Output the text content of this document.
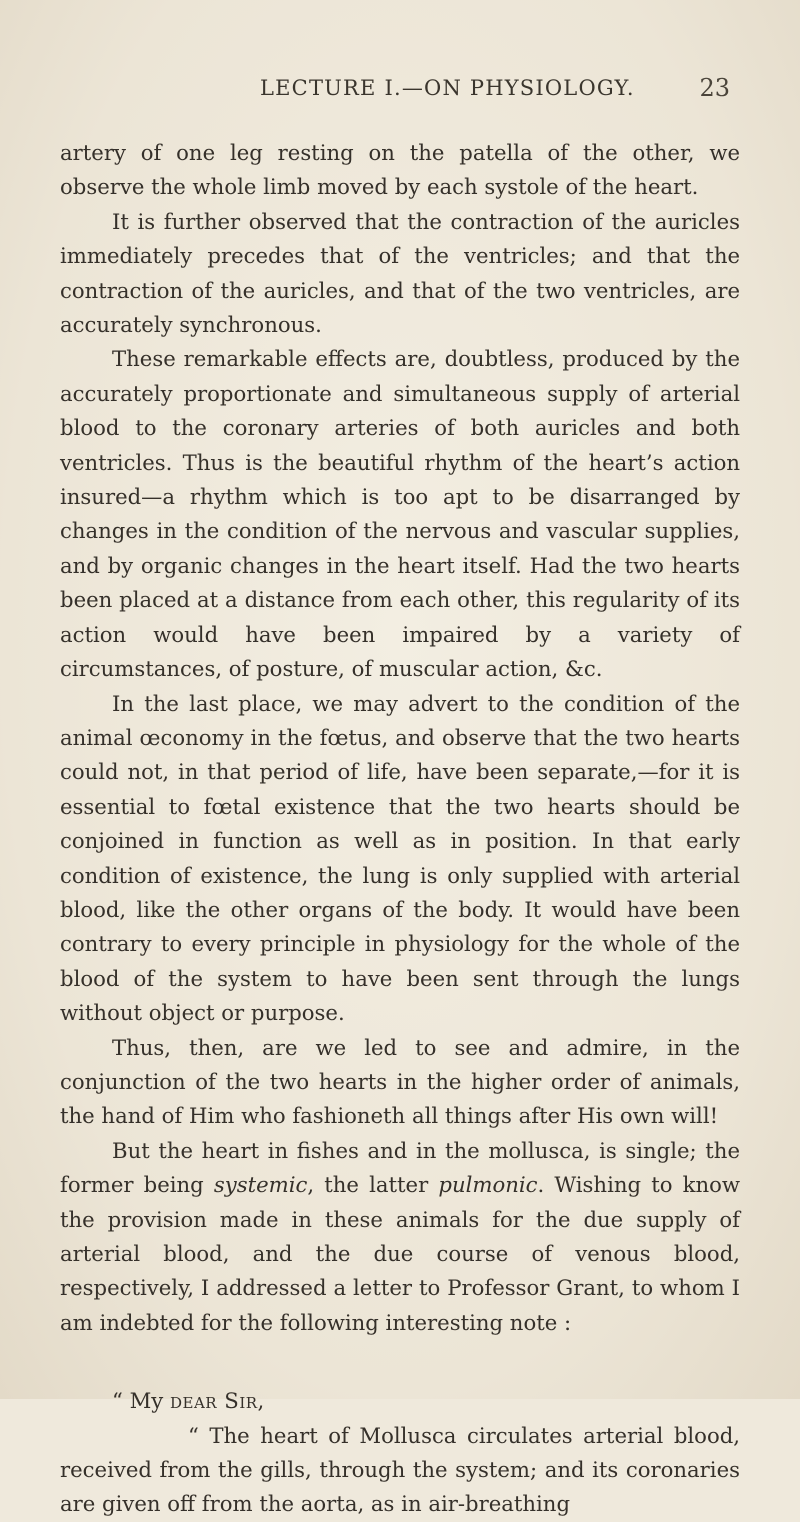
LECTURE I.—ON PHYSIOLOGY.	23

artery of one leg resting on the patella of the other, we observe the whole limb moved by each systole of the heart.

It is further observed that the contraction of the auricles immediately precedes that of the ventricles; and that the contraction of the auricles, and that of the two ventricles, are accurately synchronous.

These remarkable effects are, doubtless, produced by the accurately proportionate and simultaneous supply of arterial blood to the coronary arteries of both auricles and both ventricles. Thus is the beautiful rhythm of the heart’s action insured—a rhythm which is too apt to be disarranged by changes in the condition of the nervous and vascular supplies, and by organic changes in the heart itself. Had the two hearts been placed at a distance from each other, this regularity of its action would have been impaired by a variety of circumstances, of posture, of muscular action, &c.

In the last place, we may advert to the condition of the animal œconomy in the fœtus, and observe that the two hearts could not, in that period of life, have been separate,—for it is essential to fœtal existence that the two hearts should be conjoined in function as well as in position. In that early condition of existence, the lung is only supplied with arterial blood, like the other organs of the body. It would have been contrary to every principle in physiology for the whole of the blood of the system to have been sent through the lungs without object or purpose.

Thus, then, are we led to see and admire, in the conjunction of the two hearts in the higher order of animals, the hand of Him who fashioneth all things after His own will!

But the heart in fishes and in the mollusca, is single; the former being systemic, the latter pulmonic. Wishing to know the provision made in these animals for the due supply of arterial blood, and the due course of venous blood, respectively, I addressed a letter to Professor Grant, to whom I am indebted for the following interesting note :

“ My dear Sir,

“ The heart of Mollusca circulates arterial blood, received from the gills, through the system; and its coronaries are given off from the aorta, as in air-breathing
